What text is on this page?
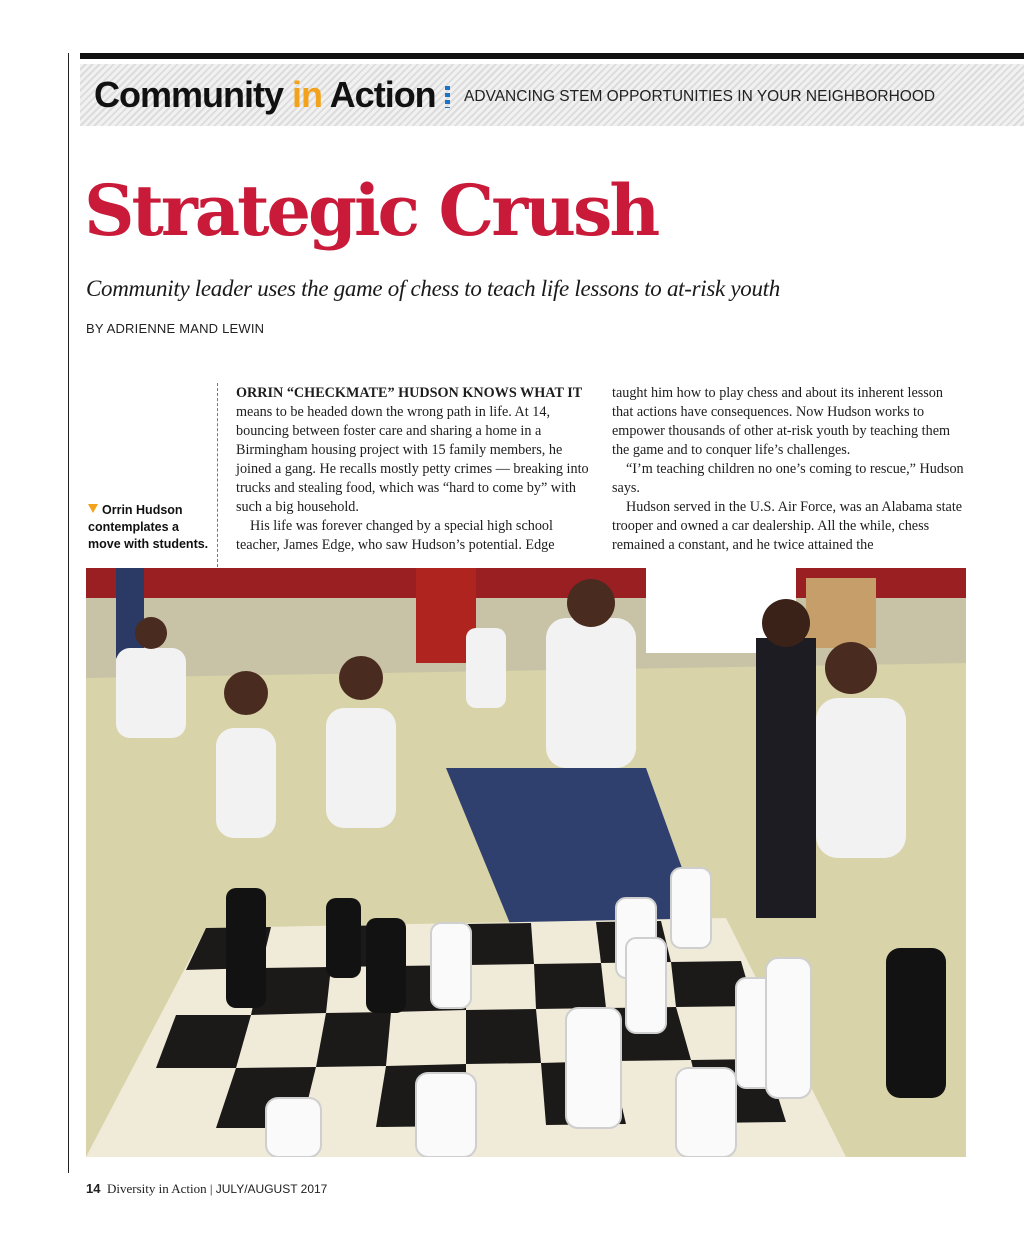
Community in Action ADVANCING STEM OPPORTUNITIES IN YOUR NEIGHBORHOOD
Strategic Crush
Community leader uses the game of chess to teach life lessons to at-risk youth
BY ADRIENNE MAND LEWIN
Orrin Hudson contemplates a move with students.

ORRIN “CHECKMATE” HUDSON KNOWS WHAT IT
means to be headed down the wrong path in life. At 14, bouncing between foster care and sharing a home in a Birmingham housing project with 15 family members, he joined a gang. He recalls mostly petty crimes — breaking into trucks and stealing food, which was “hard to come by” with such a big household.

His life was forever changed by a special high school teacher, James Edge, who saw Hudson’s potential. Edge

taught him how to play chess and about its inherent lesson that actions have consequences. Now Hudson works to empower thousands of other at-risk youth by teaching them the game and to conquer life’s challenges.

“I’m teaching children no one’s coming to rescue,” Hudson says.

Hudson served in the U.S. Air Force, was an Alabama state trooper and owned a car dealership. All the while, chess remained a constant, and he twice attained the

14 Diversity in Action | JULY/AUGUST 2017
